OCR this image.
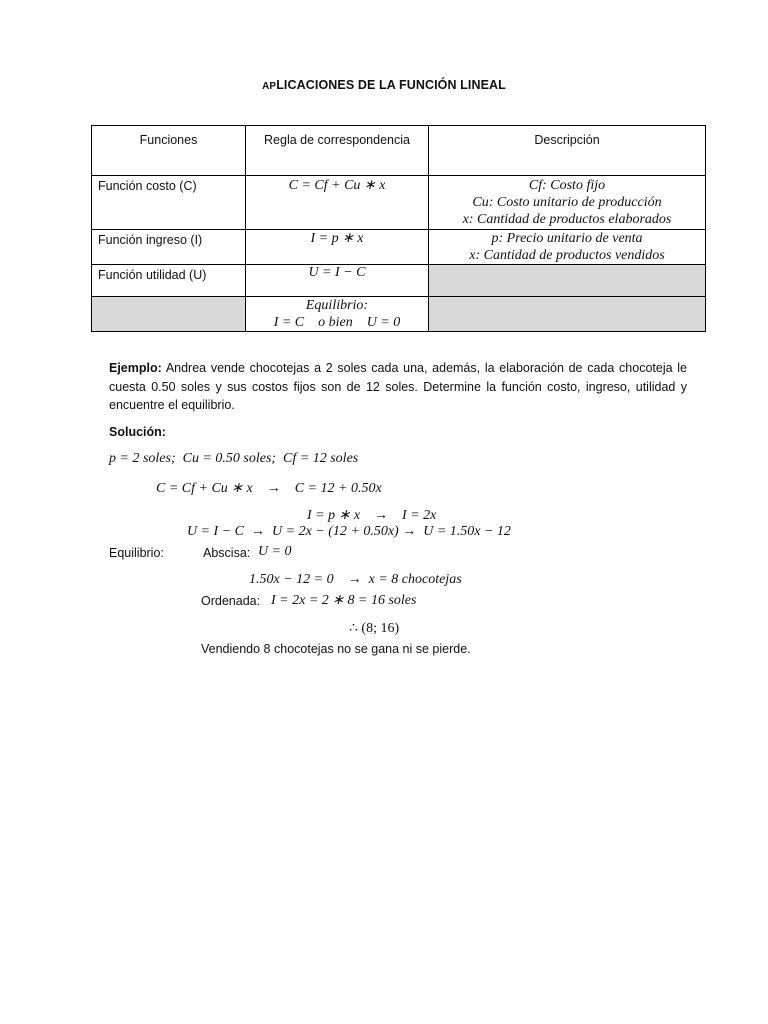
APLICACIONES DE LA FUNCIÓN LINEAL
Funciones	Regla de correspondencia	Descripción
Función costo (C)	C = Cf + Cu ∗ x	Cf: Costo fijo
Cu: Costo unitario de producción
x: Cantidad de productos elaborados

Función ingreso (I)	I = p ∗ x	p: Precio unitario de venta
x: Cantidad de productos vendidos

Función utilidad (U)	U = I − C	

	Equilibrio:
I = C    o bien    U = 0	

Ejemplo: Andrea vende chocotejas a 2 soles cada una, además, la elaboración de cada chocoteja le cuesta 0.50 soles y sus costos fijos son de 12 soles. Determine la función costo, ingreso, utilidad y encuentre el equilibrio.
Solución:
p = 2 soles;  Cu = 0.50 soles;  Cf = 12 soles
C = Cf + Cu ∗ x    →    C = 12 + 0.50x
I = p ∗ x    →    I = 2x
U = I − C  →  U = 2x − (12 + 0.50x) →  U = 1.50x − 12
Equilibrio:	Abscisa: U = 0
1.50x − 12 = 0    →  x = 8 chocotejas
Ordenada: I = 2x = 2 ∗ 8 = 16 soles
∴ (8; 16)
Vendiendo 8 chocotejas no se gana ni se pierde.
